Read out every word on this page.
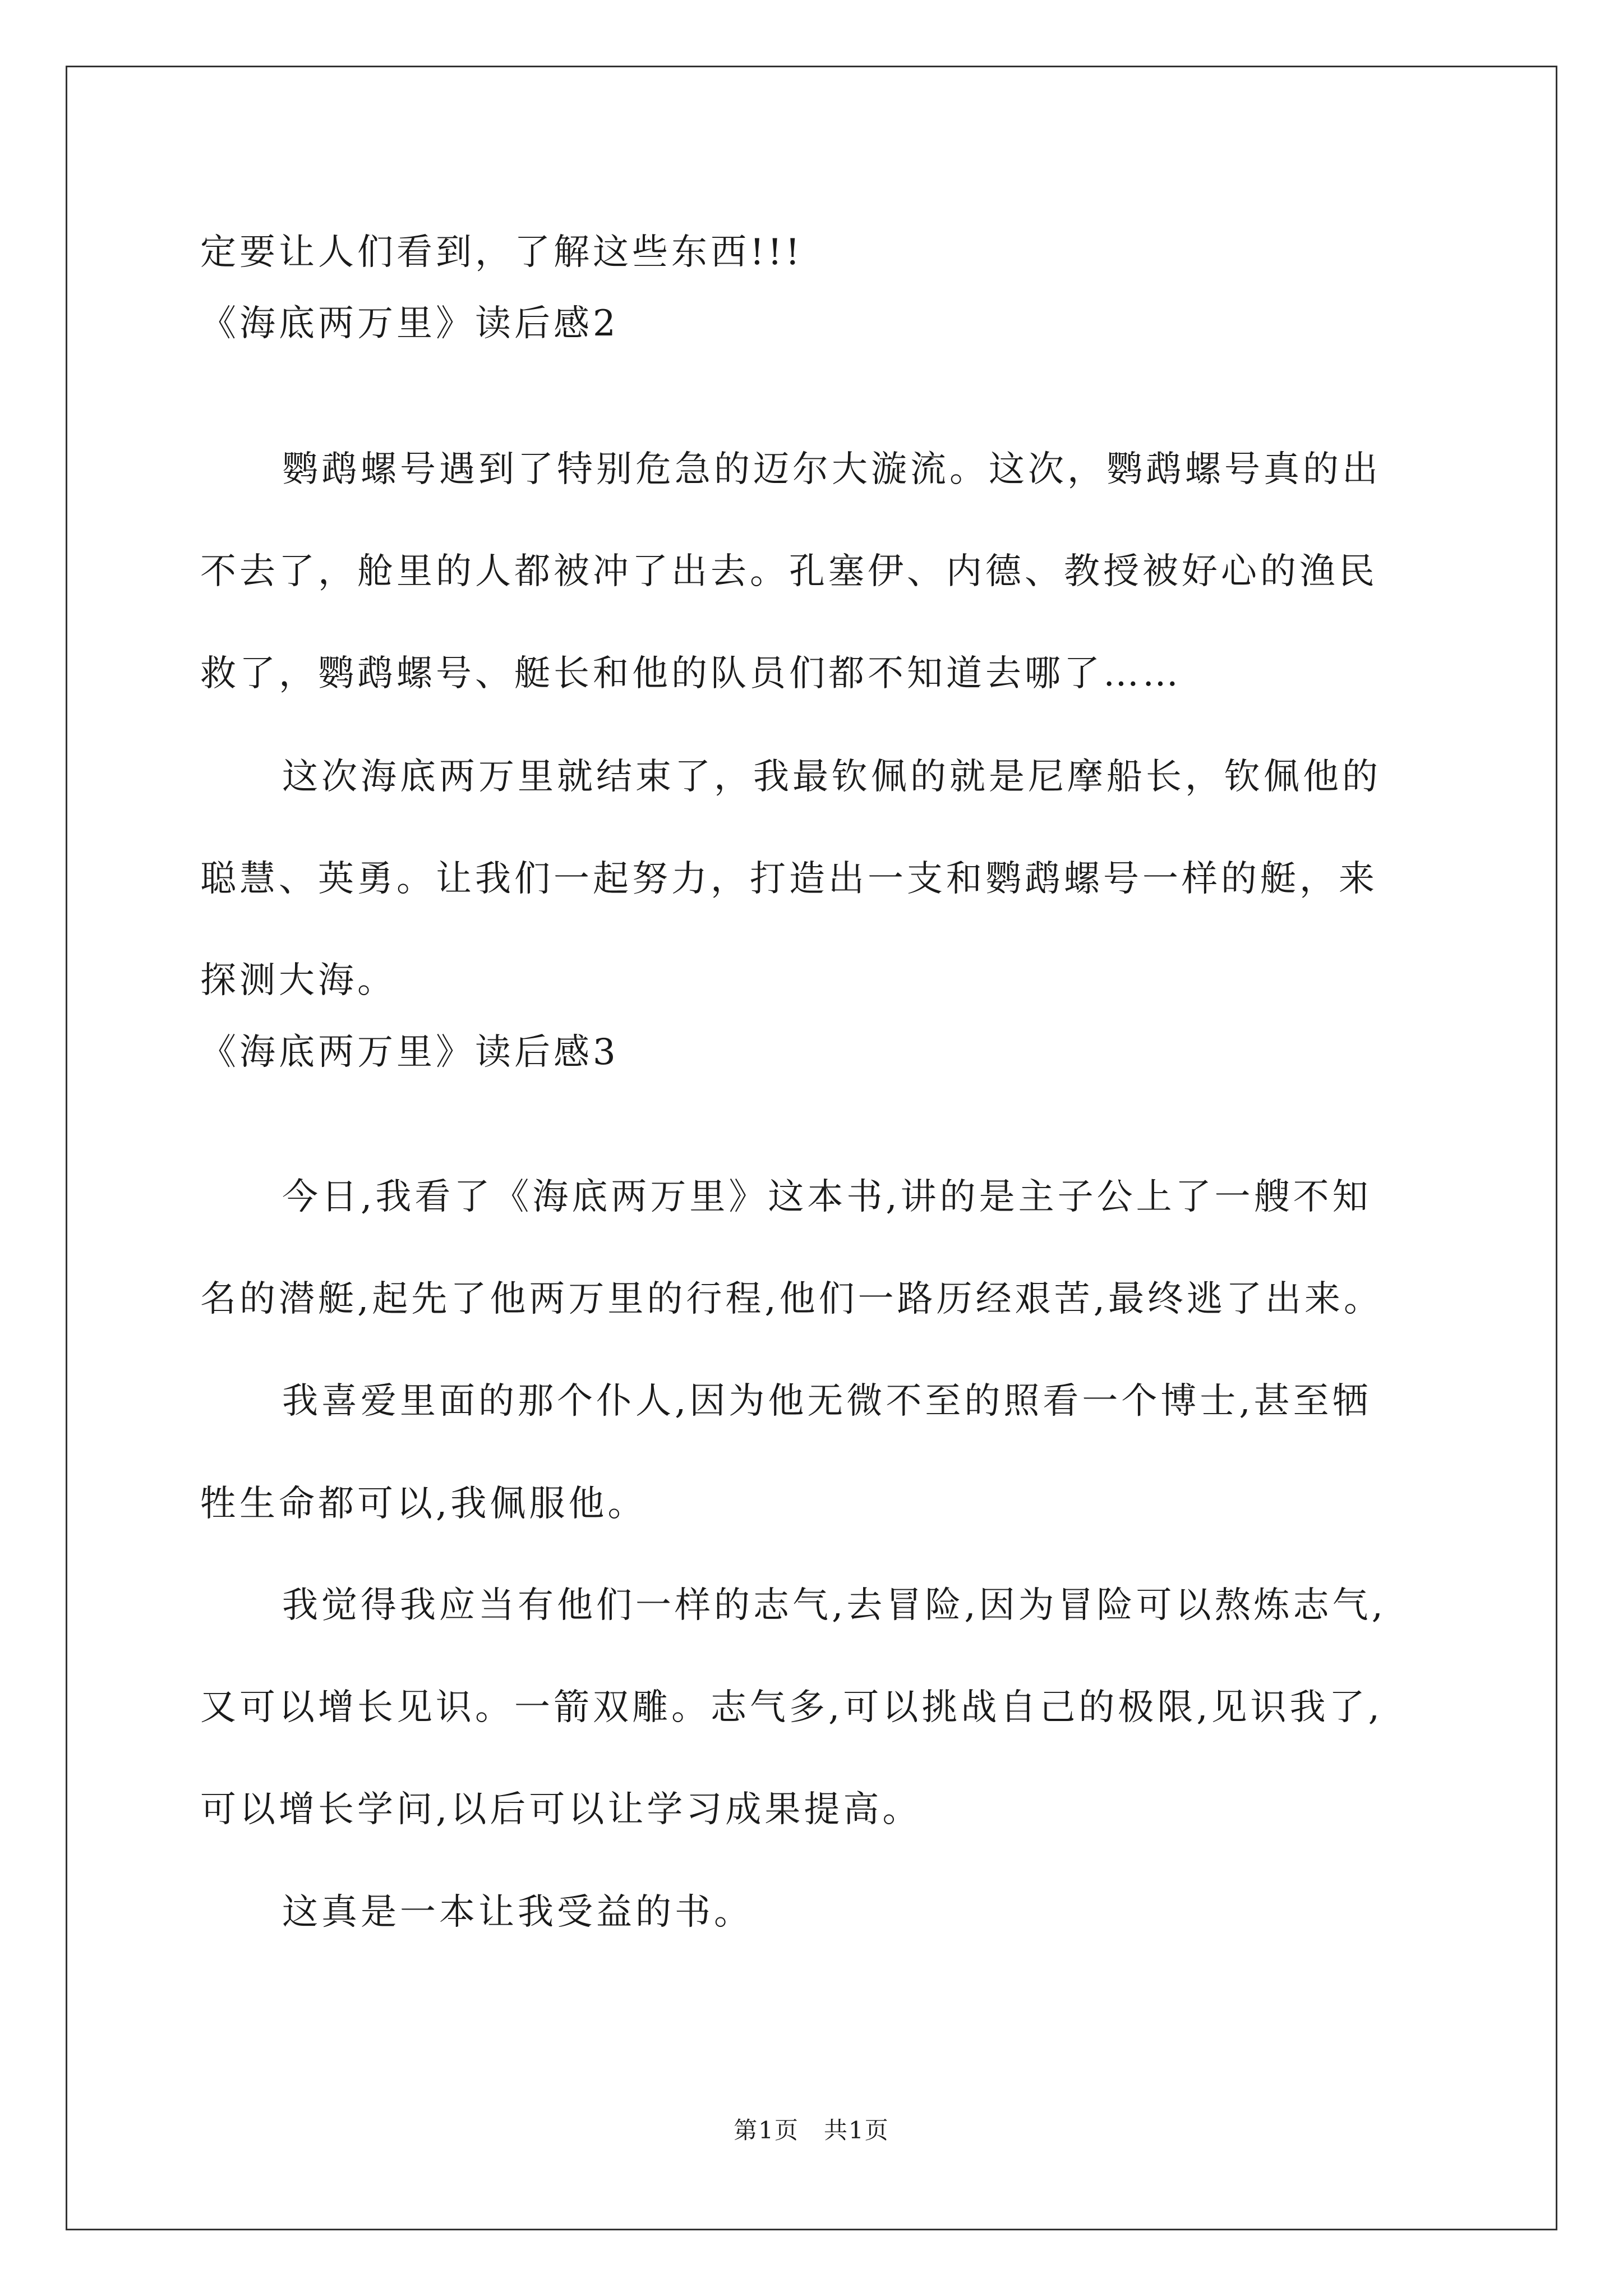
定要让人们看到，了解这些东西!!!
《海底两万里》读后感2
鹦鹉螺号遇到了特别危急的迈尔大漩流。这次，鹦鹉螺号真的出
不去了，舱里的人都被冲了出去。孔塞伊、内德、教授被好心的渔民
救了，鹦鹉螺号、艇长和他的队员们都不知道去哪了……
这次海底两万里就结束了，我最钦佩的就是尼摩船长，钦佩他的
聪慧、英勇。让我们一起努力，打造出一支和鹦鹉螺号一样的艇，来
探测大海。
《海底两万里》读后感3
今日,我看了《海底两万里》这本书,讲的是主子公上了一艘不知
名的潜艇,起先了他两万里的行程,他们一路历经艰苦,最终逃了出来。
我喜爱里面的那个仆人,因为他无微不至的照看一个博士,甚至牺
牲生命都可以,我佩服他。
我觉得我应当有他们一样的志气,去冒险,因为冒险可以熬炼志气,
又可以增长见识。一箭双雕。志气多,可以挑战自己的极限,见识我了,
可以增长学问,以后可以让学习成果提高。
这真是一本让我受益的书。
第1页　共1页
